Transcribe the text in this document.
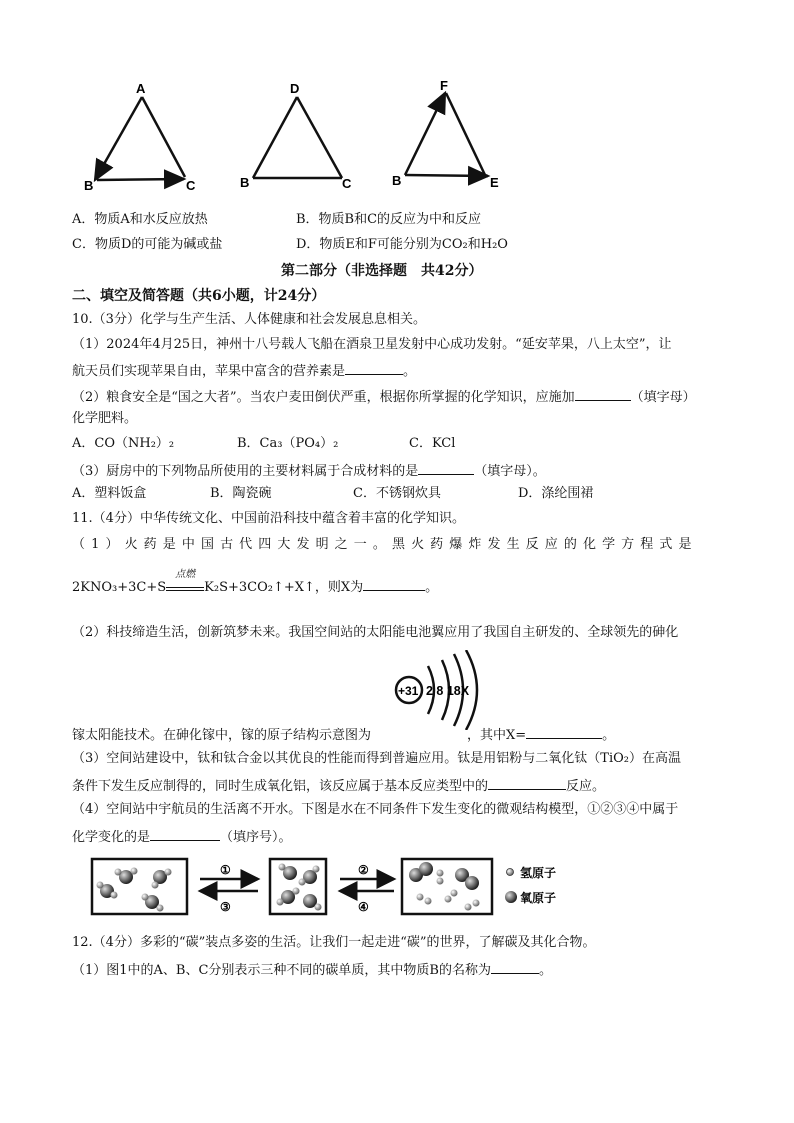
A
B	C
D
B	C
F
B	E
A．物质A和水反应放热	B．物质B和C的反应为中和反应
C．物质D的可能为碱或盐	D．物质E和F可能分别为CO₂和H₂O
第二部分（非选择题　共42分）
二、填空及简答题（共6小题，计24分）
10.（3分）化学与生产生活、人体健康和社会发展息息相关。
（1）2024年4月25日，神州十八号载人飞船在酒泉卫星发射中心成功发射。“延安苹果，八上太空”，让
航天员们实现苹果自由，苹果中富含的营养素是	。
（2）粮食安全是“国之大者”。当农户麦田倒伏严重，根据你所掌握的化学知识，应施加	（填字母）
化学肥料。
A．CO（NH₂）₂	B．Ca₃（PO₄）₂	C．KCl
（3）厨房中的下列物品所使用的主要材料属于合成材料的是	（填字母）。
A．塑料饭盒	B．陶瓷碗	C．不锈钢炊具	D．涤纶围裙
11.（4分）中华传统文化、中国前沿科技中蕴含着丰富的化学知识。
（1）火药是中国古代四大发明之一。黑火药爆炸发生反应的化学方程式是
2KNO₃+3C+S
点燃
K₂S+3CO₂↑+X↑，则X为	。
（2）科技缔造生活，创新筑梦未来。我国空间站的太阳能电池翼应用了我国自主研发的、全球领先的砷化
+31 2 8 18X
镓太阳能技术。在砷化镓中，镓的原子结构示意图为	，其中X=	。
（3）空间站建设中，钛和钛合金以其优良的性能而得到普遍应用。钛是用铝粉与二氧化钛（TiO₂）在高温
条件下发生反应制得的，同时生成氧化铝，该反应属于基本反应类型中的	反应。
（4）空间站中宇航员的生活离不开水。下图是水在不同条件下发生变化的微观结构模型，①②③④中属于
化学变化的是	（填序号）。
①
③
②
④
氢原子
氧原子
12.（4分）多彩的“碳”装点多姿的生活。让我们一起走进“碳”的世界，了解碳及其化合物。
（1）图1中的A、B、C分别表示三种不同的碳单质，其中物质B的名称为	。
